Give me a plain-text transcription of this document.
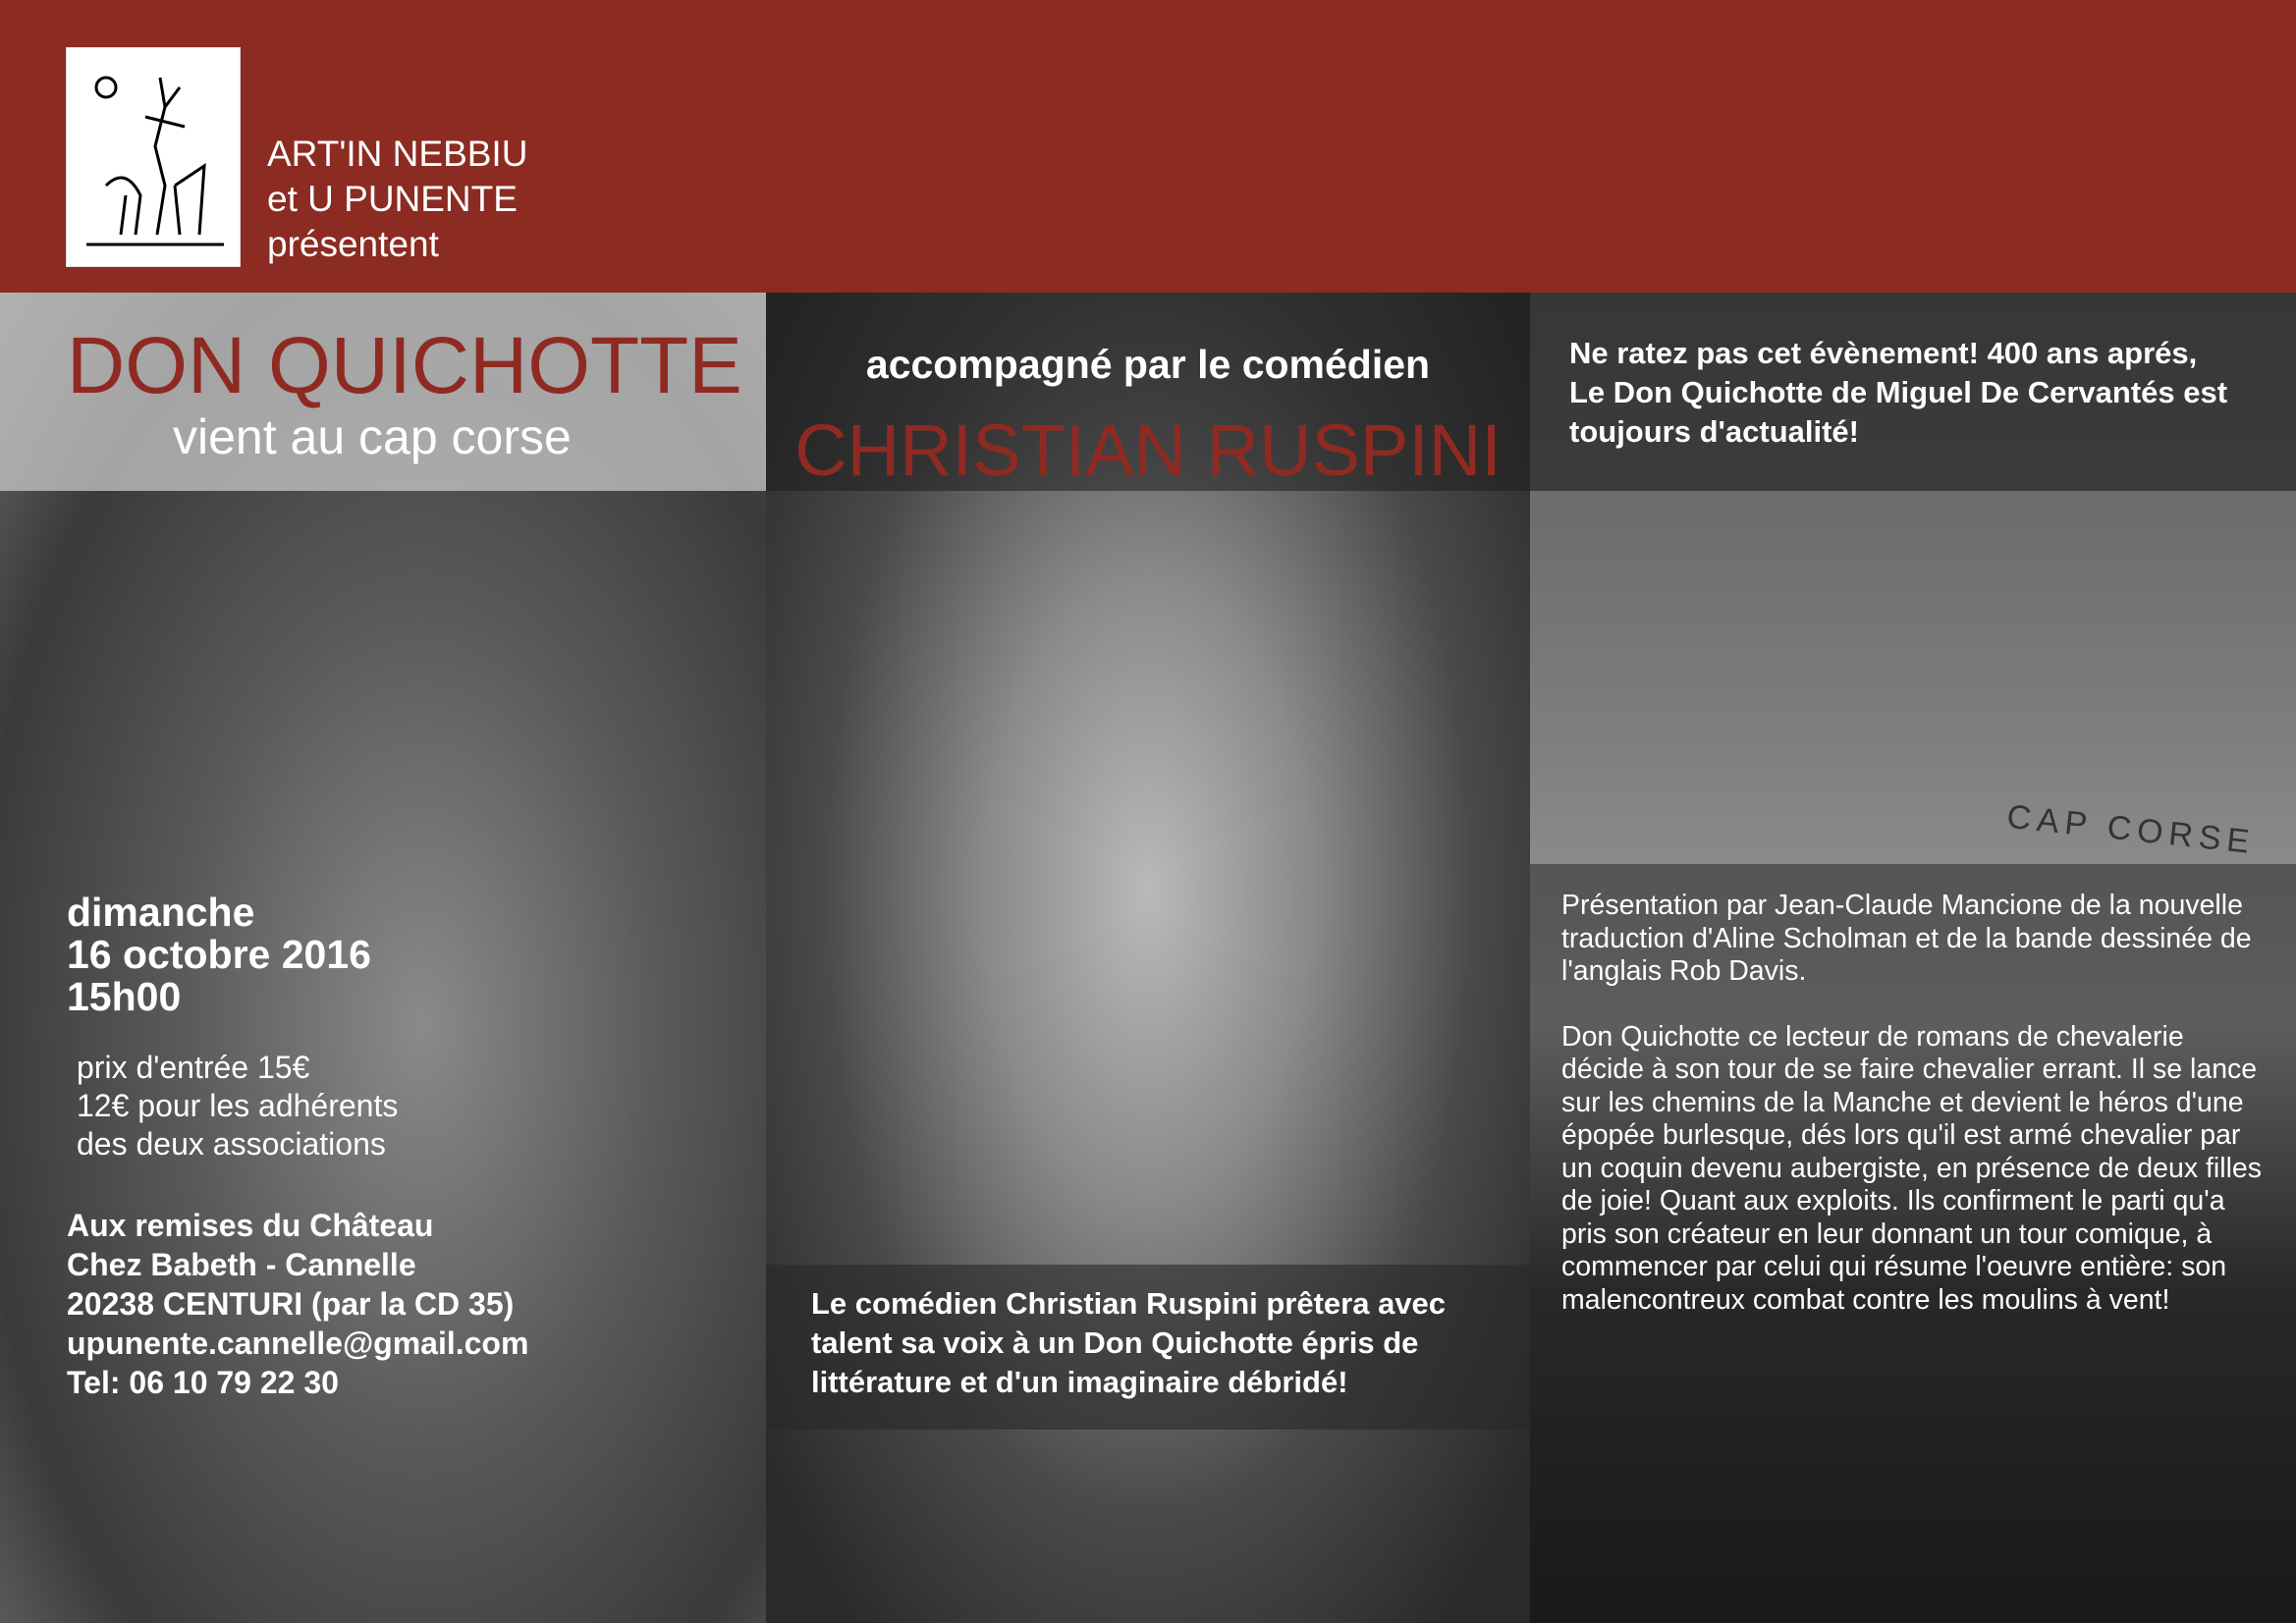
ART'IN NEBBIU
et U PUNENTE
présentent
DON QUICHOTTE
vient au cap corse
dimanche
16 octobre 2016
15h00
prix d'entrée 15€
12€ pour les adhérents
des deux associations
Aux remises du Château
Chez Babeth - Cannelle
20238 CENTURI (par la CD 35)
upunente.cannelle@gmail.com
Tel: 06 10 79 22 30
accompagné par le comédien
CHRISTIAN RUSPINI
Le comédien Christian Ruspini prêtera avec talent sa voix à un Don Quichotte épris de littérature et d'un imaginaire débridé!
Ne ratez pas cet évènement! 400 ans aprés, Le Don Quichotte de Miguel De Cervantés est toujours d'actualité!
CAP CORSE

Présentation par Jean-Claude Mancione de la nouvelle traduction d'Aline Scholman et de la bande dessinée de l'anglais Rob Davis.

Don Quichotte ce lecteur de romans de chevalerie décide à son tour de se faire chevalier errant. Il se lance sur les chemins de la Manche et devient le héros d'une épopée burlesque, dés lors qu'il est armé chevalier par un coquin devenu aubergiste, en présence de deux filles de joie! Quant aux exploits. Ils confirment le parti qu'a pris son créateur en leur donnant un tour comique, à commencer par celui qui résume l'oeuvre entière: son malencontreux combat contre les moulins à vent!
